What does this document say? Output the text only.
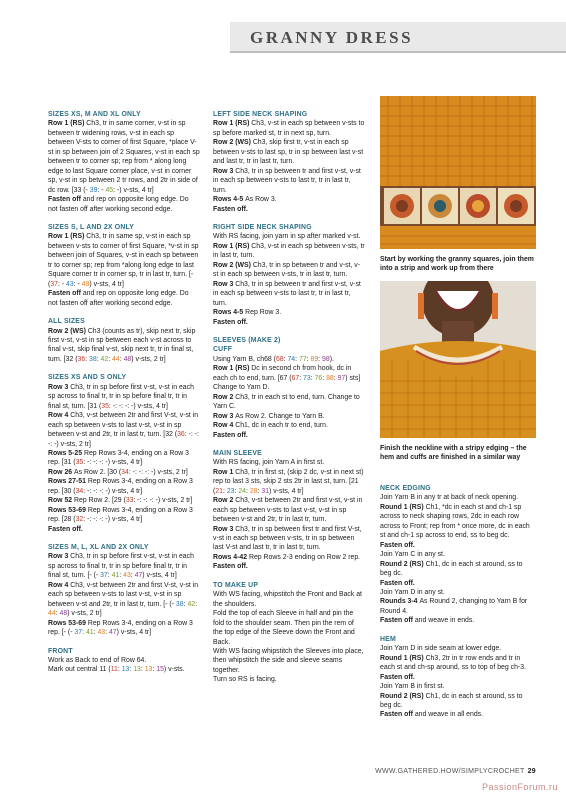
GRANNY DRESS
SIZES XS, M AND XL ONLY

Row 1 (RS) Ch3, tr in same corner, v-st in sp between tr widening rows, v-st in each sp between V-sts to corner of first Square, *place V-st in sp between join of 2 Squares, v-st in each sp between tr to corner sp; rep from * along long edge to last Square corner place, v-st in corner sp, v-st in sp between 2 tr rows, and 2tr in side of dc row. [33 (- 39: - 45: -) v-sts, 4 tr]

Fasten off and rep on opposite long edge. Do not fasten off after working second edge.

SIZES S, L AND 2X ONLY

Row 1 (RS) Ch3, tr in same sp, v-st in each sp between v-sts to corner of first Square, *v-st in sp between join of Squares, v-st in each sp between tr to corner sp; rep from *along long edge to last Square corner tr in corner sp, tr in last tr, turn. [- (37: - 43: - 49) v-sts, 4 tr]

Fasten off and rep on opposite long edge. Do not fasten off after working second edge.

ALL SIZES

Row 2 (WS) Ch3 (counts as tr), skip next tr, skip first v-st, v-st in sp between each v-st across to final v-st, skip final v-st, skip next tr, tr in final st, turn. [32 (36: 38: 42: 44: 48) v-sts, 2 tr]

SIZES XS AND S ONLY

Row 3 Ch3, tr in sp before first v-st, v-st in each sp across to final tr, tr in sp before final tr, tr in final st, turn. [31 (35: -: -: -: -) v-sts, 4 tr]

Row 4 Ch3, v-st between 2tr and first V-st, v-st in each sp between v-sts to last v-st, v-st in sp between v-st and 2tr, tr in last tr, turn. [32 (36: -: -: -: -) v-sts, 2 tr]

Rows 5-25 Rep Rows 3-4, ending on a Row 3 rep. [31 (35: -: -: -: -) v-sts, 4 tr]

Row 26 As Row 2. [30 (34: -: -: -: -) v-sts, 2 tr]

Rows 27-51 Rep Rows 3-4, ending on a Row 3 rep. [30 (34: -: -: -: -) v-sts, 4 tr]

Row 52 Rep Row 2. [29 (33: -: -: -: -) v-sts, 2 tr]

Rows 53-69 Rep Rows 3-4, ending on a Row 3 rep. [28 (32: -: -: -: -) v-sts, 4 tr]

Fasten off.

SIZES M, L, XL AND 2X ONLY

Row 3 Ch3, tr in sp before first v-st, v-st in each sp across to final tr, tr in sp before final tr, tr in final st, turn. [- (- 37: 41: 43: 47) v-sts, 4 tr]

Row 4 Ch3, v-st between 2tr and first V-st, v-st in each sp between v-sts to last v-st, v-st in sp between v-st and 2tr, tr in last tr, turn. [- (- 38: 42: 44: 48) v-sts, 2 tr]

Rows 53-69 Rep Rows 3-4, ending on a Row 3 rep. [- (- 37: 41: 43: 47) v-sts, 4 tr]

FRONT

Work as Back to end of Row 64.

Mark out central 11 (11: 13: 13: 13: 15) v-sts.

LEFT SIDE NECK SHAPING

Row 1 (RS) Ch3, v-st in each sp between v-sts to sp before marked st, tr in next sp, turn.

Row 2 (WS) Ch3, skip first tr, v-st in each sp between v-sts to last sp, tr in sp between last v-st and last tr, tr in last tr, turn.

Row 3 Ch3, tr in sp between tr and first v-st, v-st in each sp between v-sts to last tr, tr in last tr, turn.

Rows 4-5 As Row 3.

Fasten off.

RIGHT SIDE NECK SHAPING

With RS facing, join yarn in sp after marked v-st.

Row 1 (RS) Ch3, v-st in each sp between v-sts, tr in last tr, turn.

Row 2 (WS) Ch3, tr in sp between tr and v-st, v-st in each sp between v-sts, tr in last tr, turn.

Row 3 Ch3, tr in sp between tr and first v-st, v-st in each sp between v-sts to last tr, tr in last tr, turn.

Rows 4-5 Rep Row 3.

Fasten off.

SLEEVES (MAKE 2)
CUFF

Using Yarn B, ch68 (68: 74: 77: 89: 98).

Row 1 (RS) Dc in second ch from hook, dc in each ch to end, turn. [67 (67: 73: 76: 88: 97) sts] Change to Yarn D.

Row 2 Ch3, tr in each st to end, turn. Change to Yarn C.

Row 3 As Row 2. Change to Yarn B.

Row 4 Ch1, dc in each tr to end, turn.

Fasten off.

MAIN SLEEVE

With RS facing, join Yarn A in first st.

Row 1 Ch3, tr in first st, (skip 2 dc, v-st in next st) rep to last 3 sts, skip 2 sts 2tr in last st, turn. [21 (21: 23: 24: 28: 31) v-sts, 4 tr]

Row 2 Ch3, v-st between 2tr and first v-st, v-st in each sp between v-sts to last v-st, v-st in sp between v-st and 2tr, tr in last tr, turn.

Row 3 Ch3, tr in sp between first tr and first V-st, v-st in each sp between v-sts, tr in sp between last V-st and last tr, tr in last tr, turn.

Rows 4-42 Rep Rows 2-3 ending on Row 2 rep.

Fasten off.

TO MAKE UP

With WS facing, whipstitch the Front and Back at the shoulders.

Fold the top of each Sleeve in half and pin the fold to the shoulder seam. Then pin the rem of the top edge of the Sleeve down the Front and Back.

With WS facing whipstitch the Sleeves into place, then whipstitch the side and sleeve seams together.

Turn so RS is facing.

Start by working the granny squares, join them into a strip and work up from there
Finish the neckline with a stripy edging – the hem and cuffs are finished in a similar way
NECK EDGING

Join Yarn B in any tr at back of neck opening.

Round 1 (RS) Ch1, *dc in each st and ch-1 sp across to neck shaping rows, 2dc in each row across to Front; rep from * once more, dc in each st and ch-1 sp across to end, ss to beg dc.

Fasten off.

Join Yarn C in any st.

Round 2 (RS) Ch1, dc in each st around, ss to beg dc.

Fasten off.

Join Yarn D in any st.

Rounds 3-4 As Round 2, changing to Yarn B for Round 4.

Fasten off and weave in ends.

HEM

Join Yarn D in side seam at lower edge.

Round 1 (RS) Ch3, 2tr in tr row ends and tr in each st and ch-sp around, ss to top of beg ch-3.

Fasten off.

Join Yarn B in first st.

Round 2 (RS) Ch1, dc in each st around, ss to beg dc.

Fasten off and weave in all ends.

WWW.GATHERED.HOW/SIMPLYCROCHET 29
PassionForum.ru
